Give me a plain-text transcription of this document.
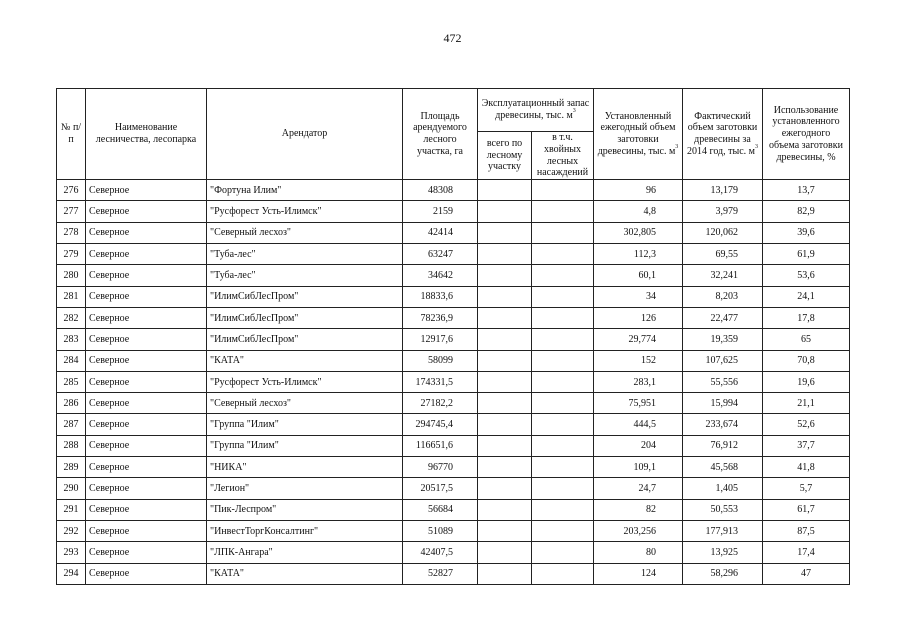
472
№ п/п	Наименование лесничества, лесопарка	Арендатор	Площадь арендуемого лесного участка, га	Эксплуатационный запас древесины, тыс. $м^3$		Установленный ежегодный объем заготовки древесины, тыс. $м^3$	Фактический объем заготовки древесины за 2014 год, тыс. $м^3$	Использование установленного ежегодного объема заготовки древесины, %
				всего по лесному участку	в т.ч. хвойных лесных насаждений			
276	Северное	"Фортуна Илим"	48308			96	13,179	13,7
277	Северное	"Русфорест Усть-Илимск"	2159			4,8	3,979	82,9
278	Северное	"Северный лесхоз"	42414			302,805	120,062	39,6
279	Северное	"Туба-лес"	63247			112,3	69,55	61,9
280	Северное	"Туба-лес"	34642			60,1	32,241	53,6
281	Северное	"ИлимСибЛесПром"	18833,6			34	8,203	24,1
282	Северное	"ИлимСибЛесПром"	78236,9			126	22,477	17,8
283	Северное	"ИлимСибЛесПром"	12917,6			29,774	19,359	65
284	Северное	"КАТА"	58099			152	107,625	70,8
285	Северное	"Русфорест Усть-Илимск"	174331,5			283,1	55,556	19,6
286	Северное	"Северный лесхоз"	27182,2			75,951	15,994	21,1
287	Северное	"Группа "Илим"	294745,4			444,5	233,674	52,6
288	Северное	"Группа "Илим"	116651,6			204	76,912	37,7
289	Северное	"НИКА"	96770			109,1	45,568	41,8
290	Северное	"Легион"	20517,5			24,7	1,405	5,7
291	Северное	"Пик-Леспром"	56684			82	50,553	61,7
292	Северное	"ИнвестТоргКонсалтинг"	51089			203,256	177,913	87,5
293	Северное	"ЛПК-Ангара"	42407,5			80	13,925	17,4
294	Северное	"КАТА"	52827			124	58,296	47
